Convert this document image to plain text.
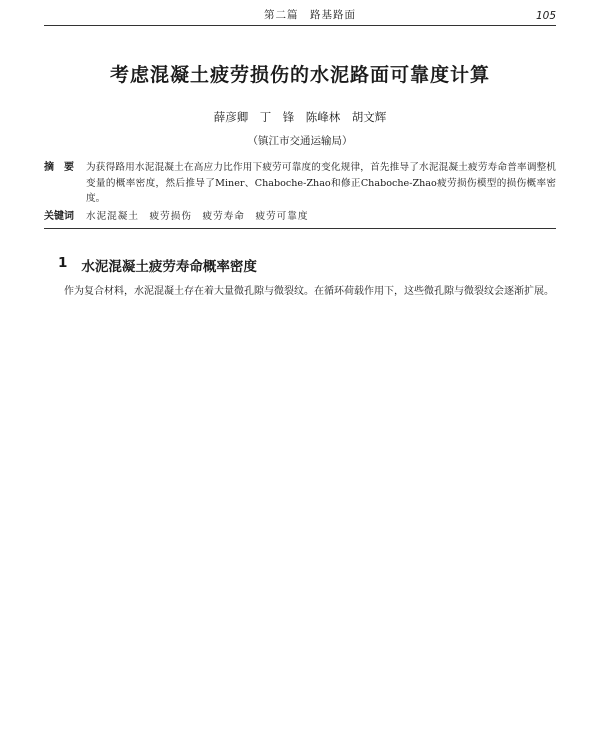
第二篇　路基路面	105
考虑混凝土疲劳损伤的水泥路面可靠度计算
薛彦卿　丁　锋　陈峰林　胡文辉
（镇江市交通运输局）
摘　要	为获得路用水泥混凝土在高应力比作用下疲劳可靠度的变化规律，首先推导了水泥混凝土疲劳寿命普率调整机变量的概率密度，然后推导了Miner、Chaboche-Zhao和修正Chaboche-Zhao疲劳损伤模型的损伤概率密度。
关键词	水泥混凝土　疲劳损伤　疲劳寿命　疲劳可靠度
1 水泥混凝土疲劳寿命概率密度
作为复合材料，水泥混凝土存在着大量微孔隙与微裂纹。在循环荷载作用下，这些微孔隙与微裂纹会逐渐扩展。
